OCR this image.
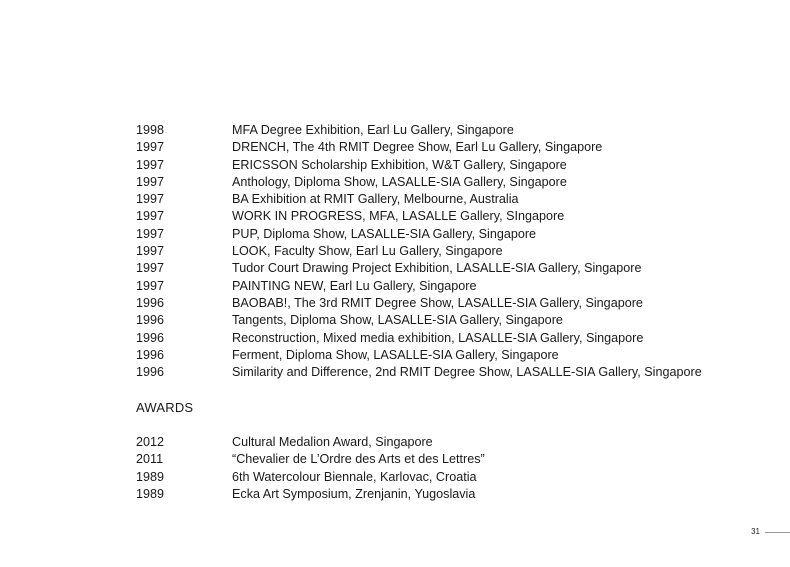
1998	MFA Degree Exhibition, Earl Lu Gallery, Singapore
1997	DRENCH, The 4th RMIT Degree Show, Earl Lu Gallery, Singapore
1997	ERICSSON Scholarship Exhibition, W&T Gallery, Singapore
1997	Anthology, Diploma Show, LASALLE-SIA Gallery, Singapore
1997	BA Exhibition at RMIT Gallery, Melbourne, Australia
1997	WORK IN PROGRESS, MFA, LASALLE Gallery, SIngapore
1997	PUP, Diploma Show, LASALLE-SIA Gallery, Singapore
1997	LOOK, Faculty Show, Earl Lu Gallery, Singapore
1997	Tudor Court Drawing Project Exhibition, LASALLE-SIA Gallery, Singapore
1997	PAINTING NEW, Earl Lu Gallery, Singapore
1996	BAOBAB!, The 3rd RMIT Degree Show, LASALLE-SIA Gallery, Singapore
1996	Tangents, Diploma Show, LASALLE-SIA Gallery, Singapore
1996	Reconstruction, Mixed media exhibition, LASALLE-SIA Gallery, Singapore
1996	Ferment, Diploma Show, LASALLE-SIA Gallery, Singapore
1996	Similarity and Difference, 2nd RMIT Degree Show, LASALLE-SIA Gallery, Singapore
AWARDS
2012	Cultural Medalion Award, Singapore
2011	“Chevalier de L’Ordre des Arts et des Lettres”
1989	6th Watercolour Biennale, Karlovac, Croatia
1989	Ecka Art Symposium, Zrenjanin, Yugoslavia
31
